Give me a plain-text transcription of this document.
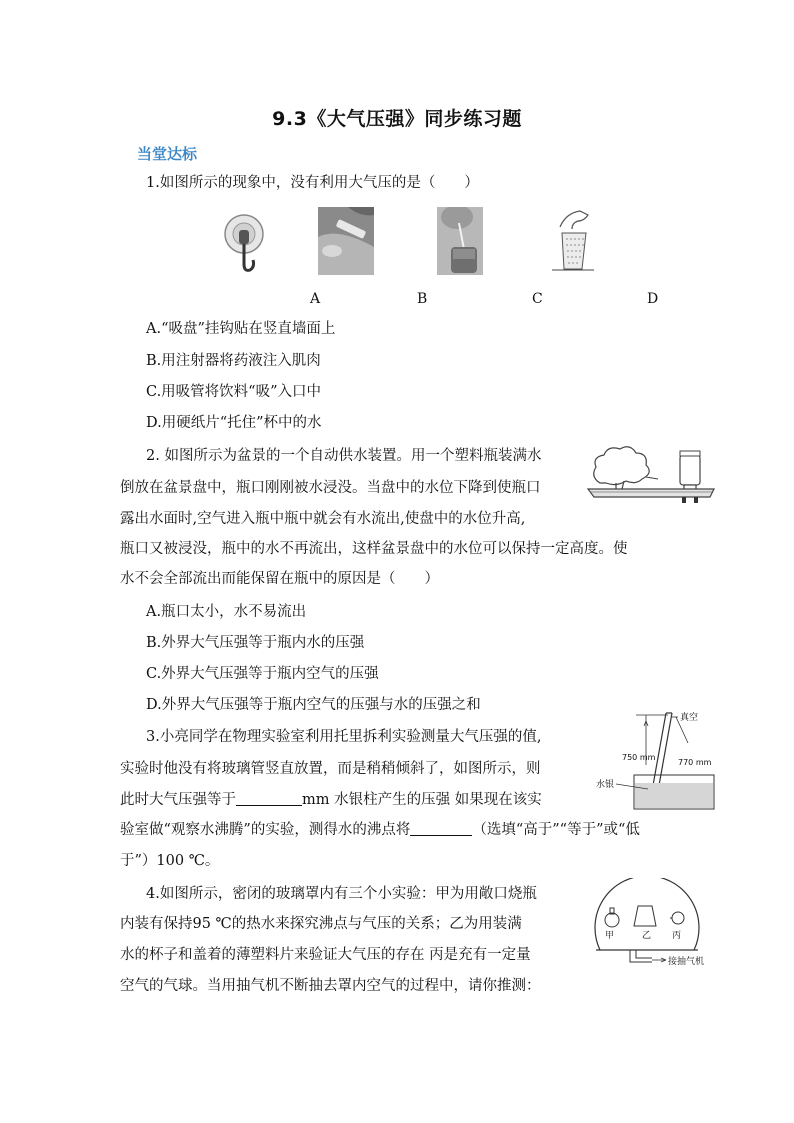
9.3《大气压强》同步练习题
当堂达标
1.如图所示的现象中，没有利用大气压的是（　　）
A	B	C	D
A.“吸盘”挂钩贴在竖直墙面上
B.用注射器将药液注入肌肉
C.用吸管将饮料“吸”入口中
D.用硬纸片“托住”杯中的水
2. 如图所示为盆景的一个自动供水装置。用一个塑料瓶装满水
倒放在盆景盘中，瓶口刚刚被水浸没。当盘中的水位下降到使瓶口
露出水面时,空气进入瓶中瓶中就会有水流出,使盘中的水位升高,
瓶口又被浸没，瓶中的水不再流出，这样盆景盘中的水位可以保持一定高度。使
水不会全部流出而能保留在瓶中的原因是（　　）
A.瓶口太小，水不易流出
B.外界大气压强等于瓶内水的压强
C.外界大气压强等于瓶内空气的压强
D.外界大气压强等于瓶内空气的压强与水的压强之和
3.小亮同学在物理实验室利用托里拆利实验测量大气压强的值,
实验时他没有将玻璃管竖直放置，而是稍稍倾斜了，如图所示，则
此时大气压强等于	mm 水银柱产生的压强 如果现在该实
验室做“观察水沸腾”的实验，测得水的沸点将	（选填“高于”“等于”或“低
于”）100 ℃。
真空
750 mm
770 mm
水银
4.如图所示，密闭的玻璃罩内有三个小实验：甲为用敞口烧瓶
内装有保持95 ℃的热水来探究沸点与气压的关系；乙为用装满
水的杯子和盖着的薄塑料片来验证大气压的存在 丙是充有一定量
空气的气球。当用抽气机不断抽去罩内空气的过程中，请你推测：
甲	乙 丙
接抽气机
